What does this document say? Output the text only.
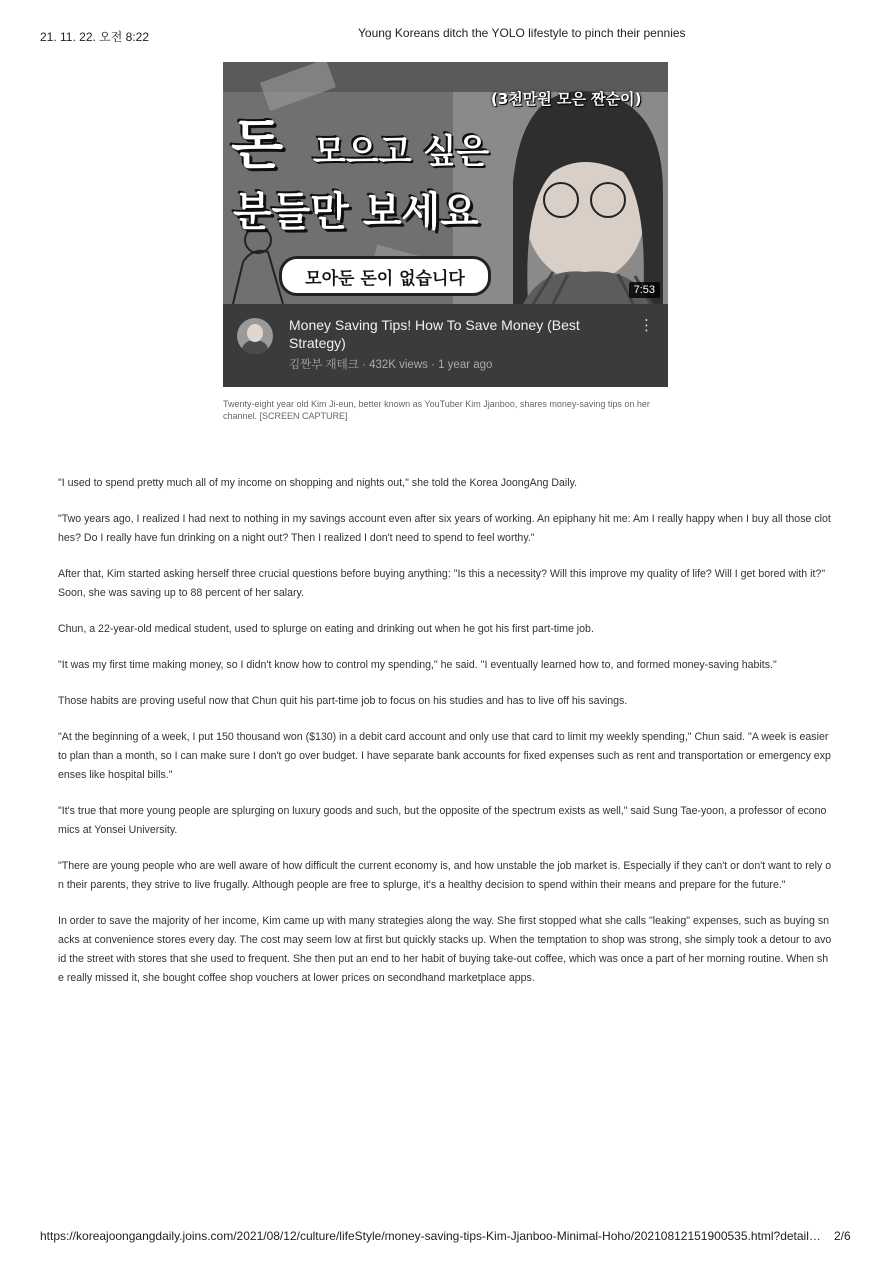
21. 11. 22. 오전 8:22	Young Koreans ditch the YOLO lifestyle to pinch their pennies
(3천만원 모은 짠순이)
돈 모으고 싶은
분들만 보세요
모아둔 돈이 없습니다
7:53
Money Saving Tips! How To Save Money (Best Strategy)
김짠부 재테크 · 432K views · 1 year ago
⋮
Twenty-eight year old Kim Ji-eun, better known as YouTuber Kim Jjanboo, shares money-saving tips on her channel. [SCREEN CAPTURE]

"I used to spend pretty much all of my income on shopping and nights out," she told the Korea JoongAng Daily.

"Two years ago, I realized I had next to nothing in my savings account even after six years of working. An epiphany hit me: Am I really happy when I buy all those clothes? Do I really have fun drinking on a night out? Then I realized I don't need to spend to feel worthy."

After that, Kim started asking herself three crucial questions before buying anything: "Is this a necessity? Will this improve my quality of life? Will I get bored with it?" Soon, she was saving up to 88 percent of her salary.

Chun, a 22-year-old medical student, used to splurge on eating and drinking out when he got his first part-time job.

"It was my first time making money, so I didn't know how to control my spending," he said. "I eventually learned how to, and formed money-saving habits."

Those habits are proving useful now that Chun quit his part-time job to focus on his studies and has to live off his savings.

"At the beginning of a week, I put 150 thousand won ($130) in a debit card account and only use that card to limit my weekly spending," Chun said. "A week is easier to plan than a month, so I can make sure I don't go over budget. I have separate bank accounts for fixed expenses such as rent and transportation or emergency expenses like hospital bills."

"It's true that more young people are splurging on luxury goods and such, but the opposite of the spectrum exists as well," said Sung Tae-yoon, a professor of economics at Yonsei University.

"There are young people who are well aware of how difficult the current economy is, and how unstable the job market is. Especially if they can't or don't want to rely on their parents, they strive to live frugally. Although people are free to splurge, it's a healthy decision to spend within their means and prepare for the future."

In order to save the majority of her income, Kim came up with many strategies along the way. She first stopped what she calls "leaking" expenses, such as buying snacks at convenience stores every day. The cost may seem low at first but quickly stacks up. When the temptation to shop was strong, she simply took a detour to avoid the street with stores that she used to frequent. She then put an end to her habit of buying take-out coffee, which was once a part of her morning routine. When she really missed it, she bought coffee shop vouchers at lower prices on secondhand marketplace apps.

https://koreajoongangdaily.joins.com/2021/08/12/culture/lifeStyle/money-saving-tips-Kim-Jjanboo-Minimal-Hoho/20210812151900535.html?detail… 2/6
